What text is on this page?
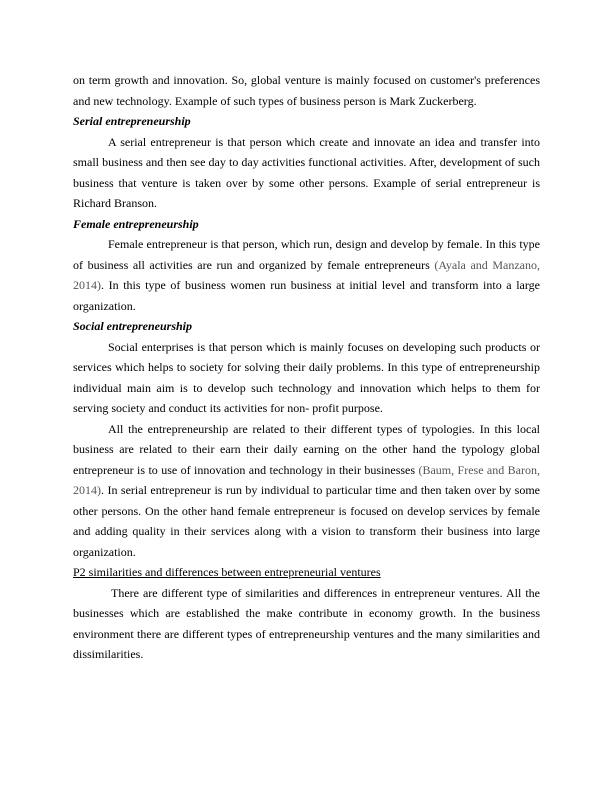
on term growth and innovation. So, global venture is mainly focused on customer's preferences and new technology. Example of such types of business person is Mark Zuckerberg.

Serial entrepreneurship

A serial entrepreneur is that person which create and innovate an idea and transfer into small business and then see day to day activities functional activities. After, development of such business that venture is taken over by some other persons. Example of serial entrepreneur is Richard Branson.

Female entrepreneurship

Female entrepreneur is that person, which run, design and develop by female. In this type of business all activities are run and organized by female entrepreneurs (Ayala and Manzano, 2014). In this type of business women run business at initial level and transform into a large organization.

Social entrepreneurship

Social enterprises is that person which is mainly focuses on developing such products or services which helps to society for solving their daily problems. In this type of entrepreneurship individual main aim is to develop such technology and innovation which helps to them for serving society and conduct its activities for non- profit purpose.

All the entrepreneurship are related to their different types of typologies. In this local business are related to their earn their daily earning on the other hand the typology global entrepreneur is to use of innovation and technology in their businesses (Baum, Frese and Baron, 2014). In serial entrepreneur is run by individual to particular time and then taken over by some other persons. On the other hand female entrepreneur is focused on develop services by female and adding quality in their services along with a vision to transform their business into large organization.

P2 similarities and differences between entrepreneurial ventures

There are different type of similarities and differences in entrepreneur ventures. All the businesses which are established the make contribute in economy growth. In the business environment there are different types of entrepreneurship ventures and the many similarities and dissimilarities.
